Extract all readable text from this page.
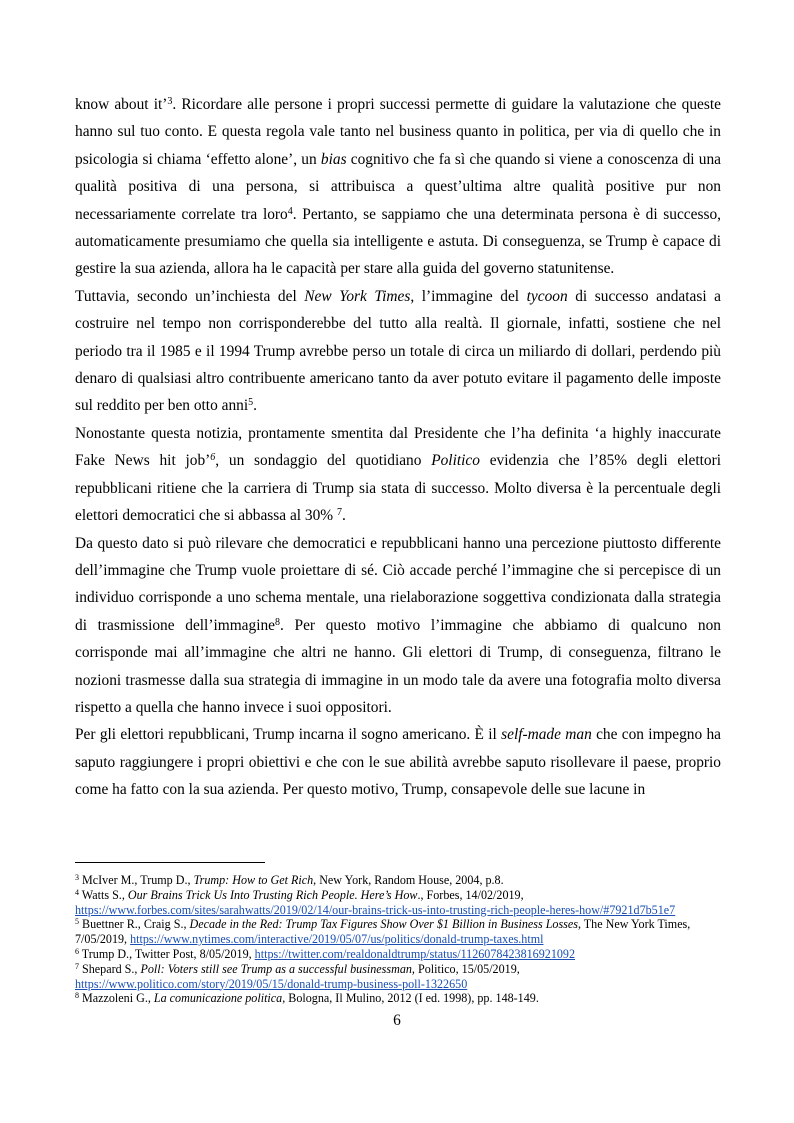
know about it’$^3$. Ricordare alle persone i propri successi permette di guidare la valutazione che queste hanno sul tuo conto. E questa regola vale tanto nel business quanto in politica, per via di quello che in psicologia si chiama ‘effetto alone’, un bias cognitivo che fa sì che quando si viene a conoscenza di una qualità positiva di una persona, si attribuisca a quest’ultima altre qualità positive pur non necessariamente correlate tra loro$^4$. Pertanto, se sappiamo che una determinata persona è di successo, automaticamente presumiamo che quella sia intelligente e astuta. Di conseguenza, se Trump è capace di gestire la sua azienda, allora ha le capacità per stare alla guida del governo statunitense.

Tuttavia, secondo un’inchiesta del New York Times, l’immagine del tycoon di successo andatasi a costruire nel tempo non corrisponderebbe del tutto alla realtà. Il giornale, infatti, sostiene che nel periodo tra il 1985 e il 1994 Trump avrebbe perso un totale di circa un miliardo di dollari, perdendo più denaro di qualsiasi altro contribuente americano tanto da aver potuto evitare il pagamento delle imposte sul reddito per ben otto anni$^5$.

Nonostante questa notizia, prontamente smentita dal Presidente che l’ha definita ‘a highly inaccurate Fake News hit job’$^6$, un sondaggio del quotidiano Politico evidenzia che l’85% degli elettori repubblicani ritiene che la carriera di Trump sia stata di successo. Molto diversa è la percentuale degli elettori democratici che si abbassa al 30% $^7$.

Da questo dato si può rilevare che democratici e repubblicani hanno una percezione piuttosto differente dell’immagine che Trump vuole proiettare di sé. Ciò accade perché l’immagine che si percepisce di un individuo corrisponde a uno schema mentale, una rielaborazione soggettiva condizionata dalla strategia di trasmissione dell’immagine$^8$. Per questo motivo l’immagine che abbiamo di qualcuno non corrisponde mai all’immagine che altri ne hanno. Gli elettori di Trump, di conseguenza, filtrano le nozioni trasmesse dalla sua strategia di immagine in un modo tale da avere una fotografia molto diversa rispetto a quella che hanno invece i suoi oppositori.

Per gli elettori repubblicani, Trump incarna il sogno americano. È il self-made man che con impegno ha saputo raggiungere i propri obiettivi e che con le sue abilità avrebbe saputo risollevare il paese, proprio come ha fatto con la sua azienda. Per questo motivo, Trump, consapevole delle sue lacune in

$^3$ McIver M., Trump D., Trump: How to Get Rich, New York, Random House, 2004, p.8.

$^4$ Watts S., Our Brains Trick Us Into Trusting Rich People. Here’s How., Forbes, 14/02/2019, https://www.forbes.com/sites/sarahwatts/2019/02/14/our-brains-trick-us-into-trusting-rich-people-heres-how/#7921d7b51e7

$^5$ Buettner R., Craig S., Decade in the Red: Trump Tax Figures Show Over $1 Billion in Business Losses, The New York Times, 7/05/2019, https://www.nytimes.com/interactive/2019/05/07/us/politics/donald-trump-taxes.html

$^6$ Trump D., Twitter Post, 8/05/2019, https://twitter.com/realdonaldtrump/status/1126078423816921092

$^7$ Shepard S., Poll: Voters still see Trump as a successful businessman, Politico, 15/05/2019, https://www.politico.com/story/2019/05/15/donald-trump-business-poll-1322650

$^8$ Mazzoleni G., La comunicazione politica, Bologna, Il Mulino, 2012 (I ed. 1998), pp. 148-149.

6
